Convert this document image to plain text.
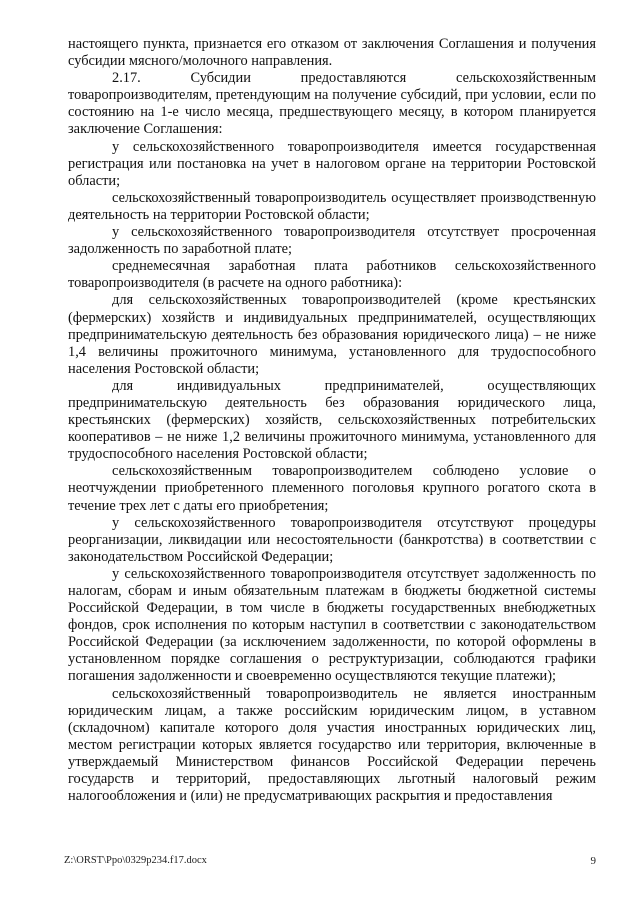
настоящего пункта, признается его отказом от заключения Соглашения и получения субсидии мясного/молочного направления.

2.17. Субсидии предоставляются сельскохозяйственным товаропроизводителям, претендующим на получение субсидий, при условии, если по состоянию на 1-е число месяца, предшествующего месяцу, в котором планируется заключение Соглашения:

у сельскохозяйственного товаропроизводителя имеется государственная регистрация или постановка на учет в налоговом органе на территории Ростовской области;

сельскохозяйственный товаропроизводитель осуществляет производственную деятельность на территории Ростовской области;

у сельскохозяйственного товаропроизводителя отсутствует просроченная задолженность по заработной плате;

среднемесячная заработная плата работников сельскохозяйственного товаропроизводителя (в расчете на одного работника):

для сельскохозяйственных товаропроизводителей (кроме крестьянских (фермерских) хозяйств и индивидуальных предпринимателей, осуществляющих предпринимательскую деятельность без образования юридического лица) – не ниже 1,4 величины прожиточного минимума, установленного для трудоспособного населения Ростовской области;

для индивидуальных предпринимателей, осуществляющих предпринимательскую деятельность без образования юридического лица, крестьянских (фермерских) хозяйств, сельскохозяйственных потребительских кооперативов – не ниже 1,2 величины прожиточного минимума, установленного для трудоспособного населения Ростовской области;

сельскохозяйственным товаропроизводителем соблюдено условие о неотчуждении приобретенного племенного поголовья крупного рогатого скота в течение трех лет с даты его приобретения;

у сельскохозяйственного товаропроизводителя отсутствуют процедуры реорганизации, ликвидации или несостоятельности (банкротства) в соответствии с законодательством Российской Федерации;

у сельскохозяйственного товаропроизводителя отсутствует задолженность по налогам, сборам и иным обязательным платежам в бюджеты бюджетной системы Российской Федерации, в том числе в бюджеты государственных внебюджетных фондов, срок исполнения по которым наступил в соответствии с законодательством Российской Федерации (за исключением задолженности, по которой оформлены в установленном порядке соглашения о реструктуризации, соблюдаются графики погашения задолженности и своевременно осуществляются текущие платежи);

сельскохозяйственный товаропроизводитель не является иностранным юридическим лицам, а также российским юридическим лицом, в уставном (складочном) капитале которого доля участия иностранных юридических лиц, местом регистрации которых является государство или территория, включенные в утверждаемый Министерством финансов Российской Федерации перечень государств и территорий, предоставляющих льготный налоговый режим налогообложения и (или) не предусматривающих раскрытия и предоставления

Z:\ORST\Ppo\0329p234.f17.docx	9
